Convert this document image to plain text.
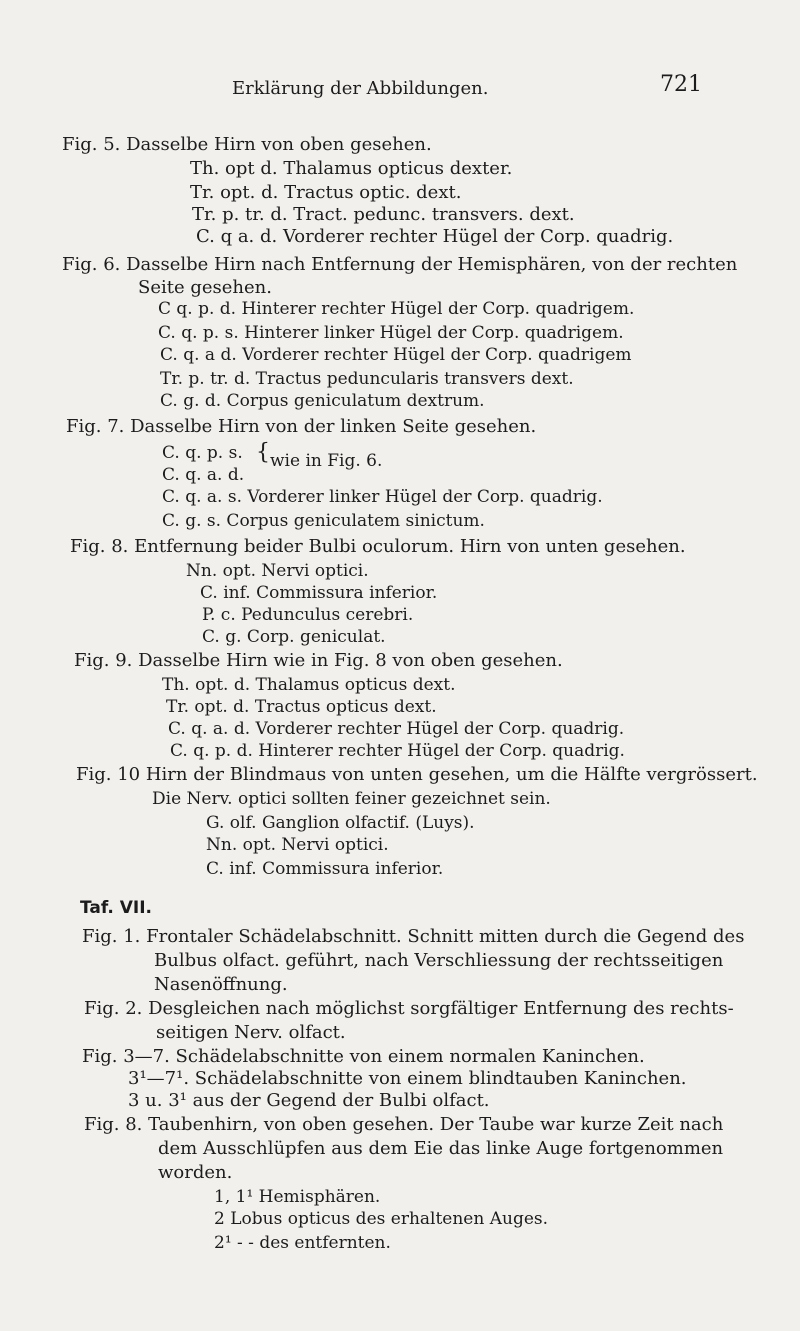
Erklärung der Abbildungen.	721
Fig. 5. Dasselbe Hirn von oben gesehen.
Th. opt d. Thalamus opticus dexter.
Tr. opt. d. Tractus optic. dext.
Tr. p. tr. d. Tract. pedunc. transvers. dext.
C. q a. d. Vorderer rechter Hügel der Corp. quadrig.
Fig. 6. Dasselbe Hirn nach Entfernung der Hemisphären, von der rechten
Seite gesehen.
C q. p. d. Hinterer rechter Hügel der Corp. quadrigem.
C. q. p. s. Hinterer linker Hügel der Corp. quadrigem.
C. q. a d. Vorderer rechter Hügel der Corp. quadrigem
Tr. p. tr. d. Tractus peduncularis transvers dext.
C. g. d. Corpus geniculatum dextrum.
Fig. 7. Dasselbe Hirn von der linken Seite gesehen.
C. q. p. s. { wie in Fig. 6.
C. q. a. d.
C. q. a. s. Vorderer linker Hügel der Corp. quadrig.
C. g. s. Corpus geniculatem sinictum.
Fig. 8. Entfernung beider Bulbi oculorum. Hirn von unten gesehen.
Nn. opt. Nervi optici.
C. inf. Commissura inferior.
P. c. Pedunculus cerebri.
C. g. Corp. geniculat.
Fig. 9. Dasselbe Hirn wie in Fig. 8 von oben gesehen.
Th. opt. d. Thalamus opticus dext.
Tr. opt. d. Tractus opticus dext.
C. q. a. d. Vorderer rechter Hügel der Corp. quadrig.
C. q. p. d. Hinterer rechter Hügel der Corp. quadrig.
Fig. 10 Hirn der Blindmaus von unten gesehen, um die Hälfte vergrössert.
Die Nerv. optici sollten feiner gezeichnet sein.
G. olf. Ganglion olfactif. (Luys).
Nn. opt. Nervi optici.
C. inf. Commissura inferior.
Taf. VII.
Fig. 1. Frontaler Schädelabschnitt. Schnitt mitten durch die Gegend des
Bulbus olfact. geführt, nach Verschliessung der rechtsseitigen
Nasenöffnung.
Fig. 2. Desgleichen nach möglichst sorgfältiger Entfernung des rechts-
seitigen Nerv. olfact.
Fig. 3—7. Schädelabschnitte von einem normalen Kaninchen.
3¹—7¹. Schädelabschnitte von einem blindtauben Kaninchen.
3 u. 3¹ aus der Gegend der Bulbi olfact.
Fig. 8. Taubenhirn, von oben gesehen. Der Taube war kurze Zeit nach
dem Ausschlüpfen aus dem Eie das linke Auge fortgenommen
worden.
1, 1¹ Hemisphären.
2 Lobus opticus des erhaltenen Auges.
2¹ - - des entfernten.
